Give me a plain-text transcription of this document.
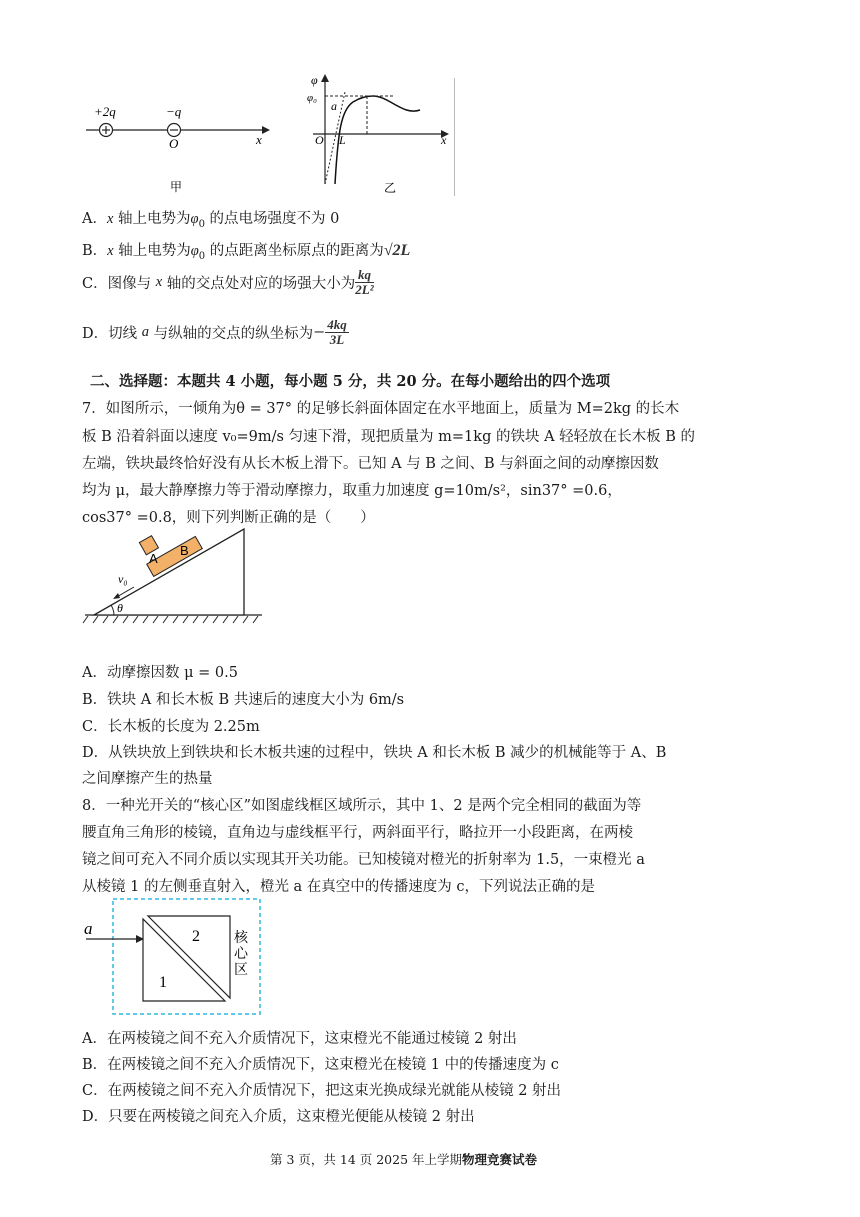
+2q	−q
O	x
甲
φ
φ₀
a
O L	x
乙
A．x 轴上电势为$\varphi_0$ 的点电场强度不为 0
B．x 轴上电势为$\varphi_0$ 的点距离坐标原点的距离为√2L
C．图像与 x 轴的交点处对应的场强大小为 $\frac{kq}{\text{2L²}}$
D．切线 a 与纵轴的交点的纵坐标为− $\frac{4kq}{3L}$
二、选择题：本题共 4 小题，每小题 5 分，共 20 分。在每小题给出的四个选项
7．如图所示，一倾角为θ = 37° 的足够长斜面体固定在水平地面上，质量为 M=2kg 的长木
板 B 沿着斜面以速度 v₀=9m/s 匀速下滑，现把质量为 m=1kg 的铁块 A 轻轻放在长木板 B 的
左端，铁块最终恰好没有从长木板上滑下。已知 A 与 B 之间、B 与斜面之间的动摩擦因数
均为 μ，最大静摩擦力等于滑动摩擦力，取重力加速度 g=10m/s²，sin37° =0.6，
cos37° =0.8，则下列判断正确的是（　　）
A
B
v₀
θ
A．动摩擦因数 μ = 0.5
B．铁块 A 和长木板 B 共速后的速度大小为 6m/s
C．长木板的长度为 2.25m
D．从铁块放上到铁块和长木板共速的过程中，铁块 A 和长木板 B 减少的机械能等于 A、B
之间摩擦产生的热量
8．一种光开关的“核心区”如图虚线框区域所示，其中 1、2 是两个完全相同的截面为等
腰直角三角形的棱镜，直角边与虚线框平行，两斜面平行，略拉开一小段距离，在两棱
镜之间可充入不同介质以实现其开关功能。已知棱镜对橙光的折射率为 1.5，一束橙光 a
从棱镜 1 的左侧垂直射入，橙光 a 在真空中的传播速度为 c，下列说法正确的是
a
1
2 核
心
区
A．在两棱镜之间不充入介质情况下，这束橙光不能通过棱镜 2 射出
B．在两棱镜之间不充入介质情况下，这束橙光在棱镜 1 中的传播速度为 c
C．在两棱镜之间不充入介质情况下，把这束光换成绿光就能从棱镜 2 射出
D．只要在两棱镜之间充入介质，这束橙光便能从棱镜 2 射出
第 3 页，共 14 页 2025 年上学期物理竞赛试卷
